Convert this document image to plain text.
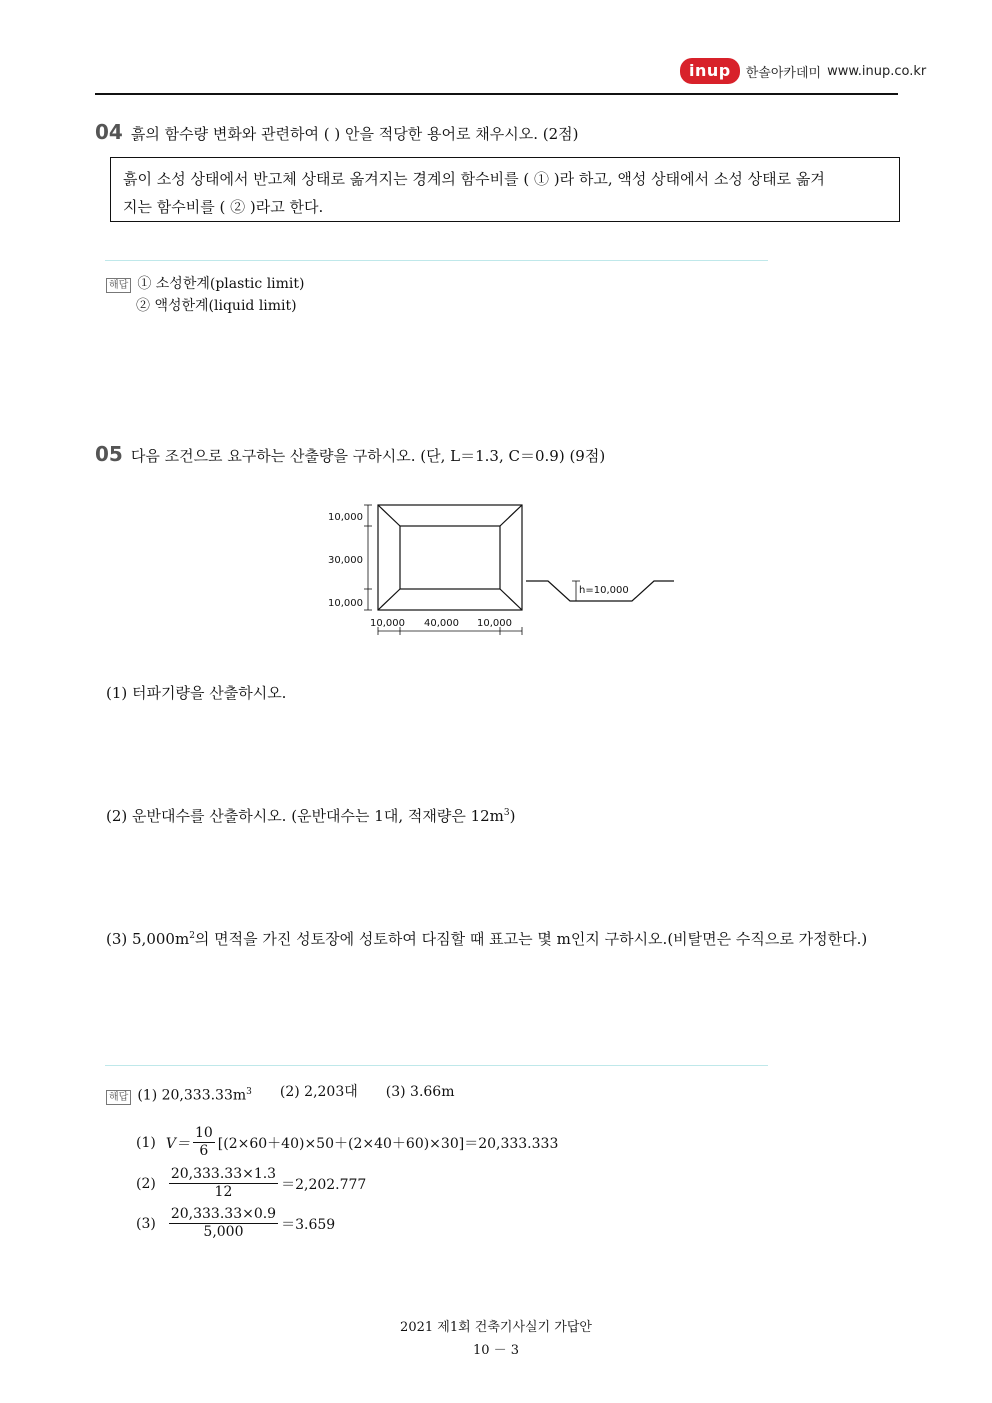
inup	한솔아카데미 www.inup.co.kr
04 흙의 함수량 변화와 관련하여 ( ) 안을 적당한 용어로 채우시오. (2점)
흙이 소성 상태에서 반고체 상태로 옮겨지는 경계의 함수비를 ( ① )라 하고, 액성 상태에서 소성 상태로 옮겨
지는 함수비를 ( ② )라고 한다.
해답 ① 소성한계(plastic limit)
② 액성한계(liquid limit)
05 다음 조건으로 요구하는 산출량을 구하시오. (단, L＝1.3, C＝0.9) (9점)
10,000
30,000
10,000
10,000 40,000 10,000
h=10,000
(1) 터파기량을 산출하시오.
(2) 운반대수를 산출하시오. (운반대수는 1대, 적재량은 $12m^3$)
(3) $5,000m^2$의 면적을 가진 성토장에 성토하여 다짐할 때 표고는 몇 m인지 구하시오.(비탈면은 수직으로 가정한다.)
해답 (1) $20,333.33m^3$ (2) 2,203대 (3) 3.66m
(1) $V= \frac{10}{6} [(2\times 60+40)\times 50+(2\times 40+60)\times 30]=20,333.333$
$(2) \frac{20,333.33\times 1.3}{12} =2,202.777$
$(3) \frac{20,333.33\times 0.9}{5,000} =3.659$
2021 제1회 건축기사실기 가답안
10 － 3
